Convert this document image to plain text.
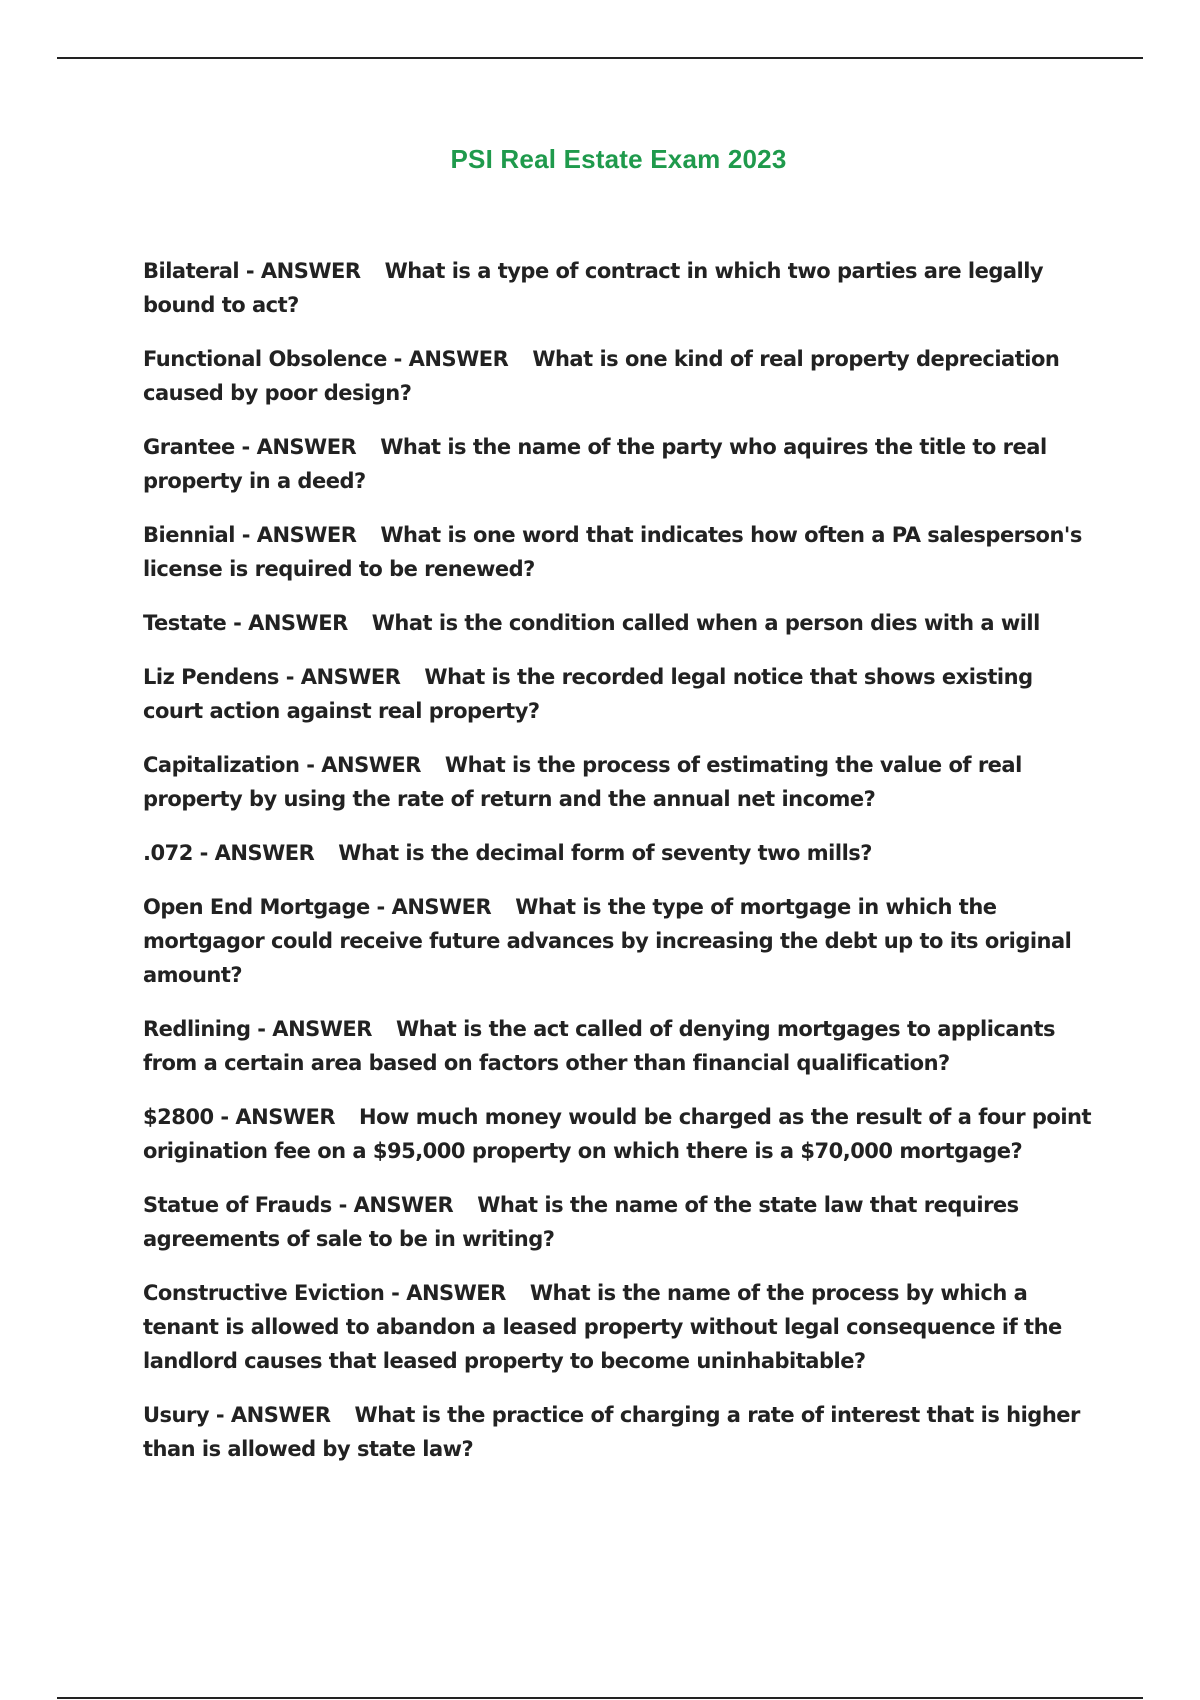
PSI Real Estate Exam 2023
Bilateral - ANSWER What is a type of contract in which two parties are legally bound to act?
Functional Obsolence - ANSWER What is one kind of real property depreciation caused by poor design?
Grantee - ANSWER What is the name of the party who aquires the title to real property in a deed?
Biennial - ANSWER What is one word that indicates how often a PA salesperson's license is required to be renewed?
Testate - ANSWER What is the condition called when a person dies with a will
Liz Pendens - ANSWER What is the recorded legal notice that shows existing court action against real property?
Capitalization - ANSWER What is the process of estimating the value of real property by using the rate of return and the annual net income?
.072 - ANSWER What is the decimal form of seventy two mills?
Open End Mortgage - ANSWER What is the type of mortgage in which the mortgagor could receive future advances by increasing the debt up to its original amount?
Redlining - ANSWER What is the act called of denying mortgages to applicants from a certain area based on factors other than financial qualification?
$2800 - ANSWER How much money would be charged as the result of a four point origination fee on a $95,000 property on which there is a $70,000 mortgage?
Statue of Frauds - ANSWER What is the name of the state law that requires agreements of sale to be in writing?
Constructive Eviction - ANSWER What is the name of the process by which a tenant is allowed to abandon a leased property without legal consequence if the landlord causes that leased property to become uninhabitable?
Usury - ANSWER What is the practice of charging a rate of interest that is higher than is allowed by state law?
